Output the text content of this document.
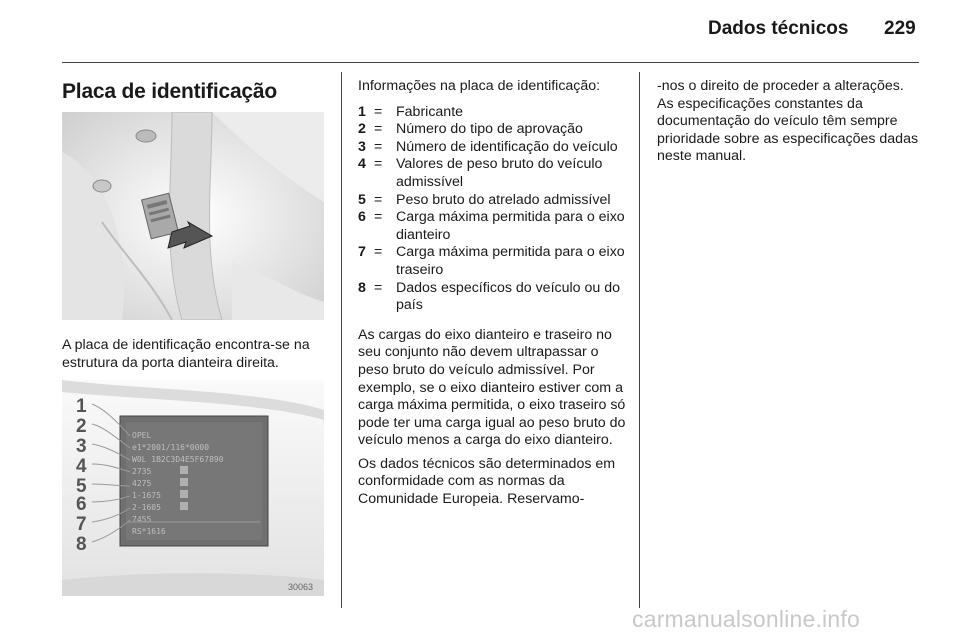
Dados técnicos 229
Placa de identificação
A placa de identificação encontra-se na estrutura da porta dianteira direita.
OPEL
e1*2001/116*0000
W0L 1B2C3D4E5F67890
2735
4275
1-1675
2-1605
7455
RS*1616
1
2
3
4
5
6
7
8
30063
Informações na placa de identificação:
1 = Fabricante
2 = Número do tipo de aprovação
3 = Número de identificação do veículo
4 = Valores de peso bruto do veículo admissível
5 = Peso bruto do atrelado admissível
6 = Carga máxima permitida para o eixo dianteiro
7 = Carga máxima permitida para o eixo traseiro
8 = Dados específicos do veículo ou do país

As cargas do eixo dianteiro e traseiro no seu conjunto não devem ultrapassar o peso bruto do veículo admissível. Por exemplo, se o eixo dianteiro estiver com a carga máxima permitida, o eixo traseiro só pode ter uma carga igual ao peso bruto do veículo menos a carga do eixo dianteiro.

Os dados técnicos são determinados em conformidade com as normas da Comunidade Europeia. Reservamo-

-nos o direito de proceder a alterações. As especificações constantes da documentação do veículo têm sempre prioridade sobre as especificações dadas neste manual.

carmanualsonline.info
